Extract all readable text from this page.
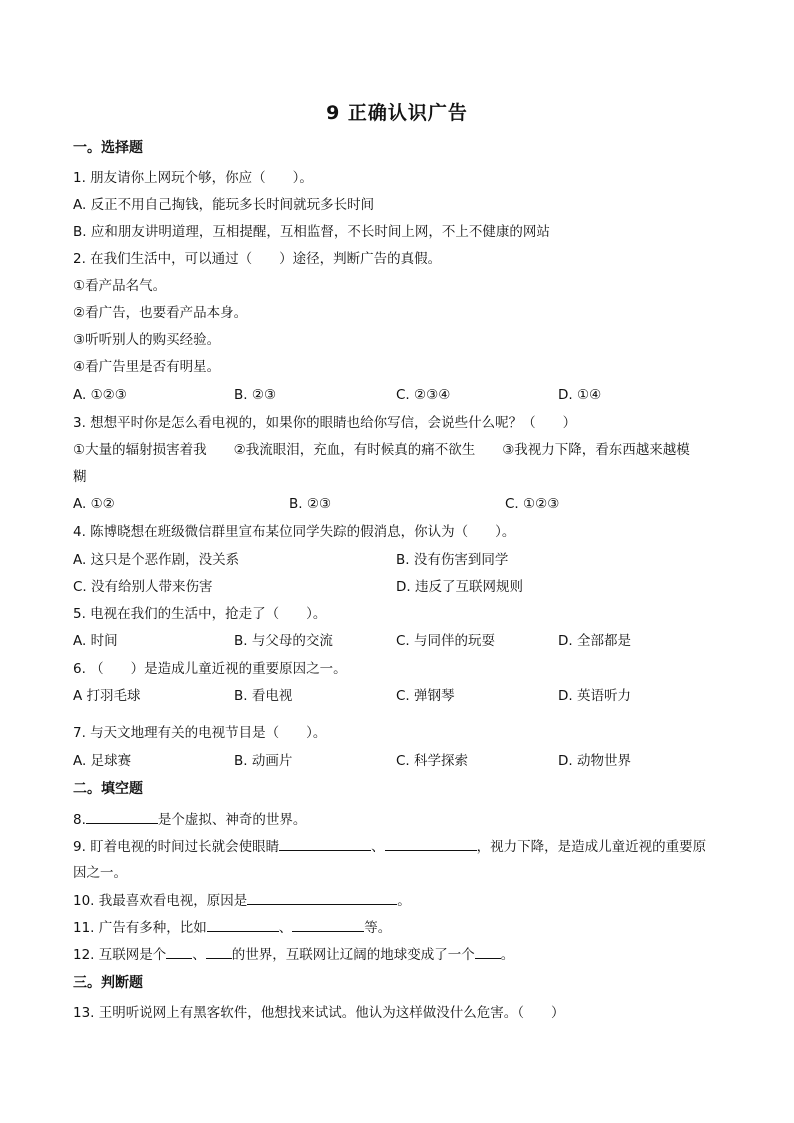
9 正确认识广告
一。选择题
1. 朋友请你上网玩个够，你应（　　）。
A. 反正不用自己掏钱，能玩多长时间就玩多长时间
B. 应和朋友讲明道理，互相提醒，互相监督，不长时间上网，不上不健康的网站
2. 在我们生活中，可以通过（　　）途径，判断广告的真假。
①看产品名气。
②看广告，也要看产品本身。
③听听别人的购买经验。
④看广告里是否有明星。
A. ①②③	B. ②③	C. ②③④	D. ①④
3. 想想平时你是怎么看电视的，如果你的眼睛也给你写信，会说些什么呢？（　　）
①大量的辐射损害着我　　②我流眼泪，充血，有时候真的痛不欲生　　③我视力下降，看东西越来越模
糊
A. ①②	B. ②③	C. ①②③
4. 陈博晓想在班级微信群里宣布某位同学失踪的假消息，你认为（　　）。
A. 这只是个恶作剧，没关系	B. 没有伤害到同学
C. 没有给别人带来伤害	D. 违反了互联网规则
5. 电视在我们的生活中，抢走了（　　）。
A. 时间	B. 与父母的交流	C. 与同伴的玩耍	D. 全部都是
6. （　　）是造成儿童近视的重要原因之一。
A 打羽毛球	B. 看电视	C. 弹钢琴	D. 英语听力
7. 与天文地理有关的电视节目是（　　）。
A. 足球赛	B. 动画片	C. 科学探索	D. 动物世界
二。填空题
8.	是个虚拟、神奇的世界。
9. 盯着电视的时间过长就会使眼睛	、	，视力下降，是造成儿童近视的重要原
因之一。
10. 我最喜欢看电视，原因是	。
11. 广告有多种，比如	、	等。
12. 互联网是个 、 的世界，互联网让辽阔的地球变成了一个 。
三。判断题
13. 王明听说网上有黑客软件，他想找来试试。他认为这样做没什么危害。（　　）
